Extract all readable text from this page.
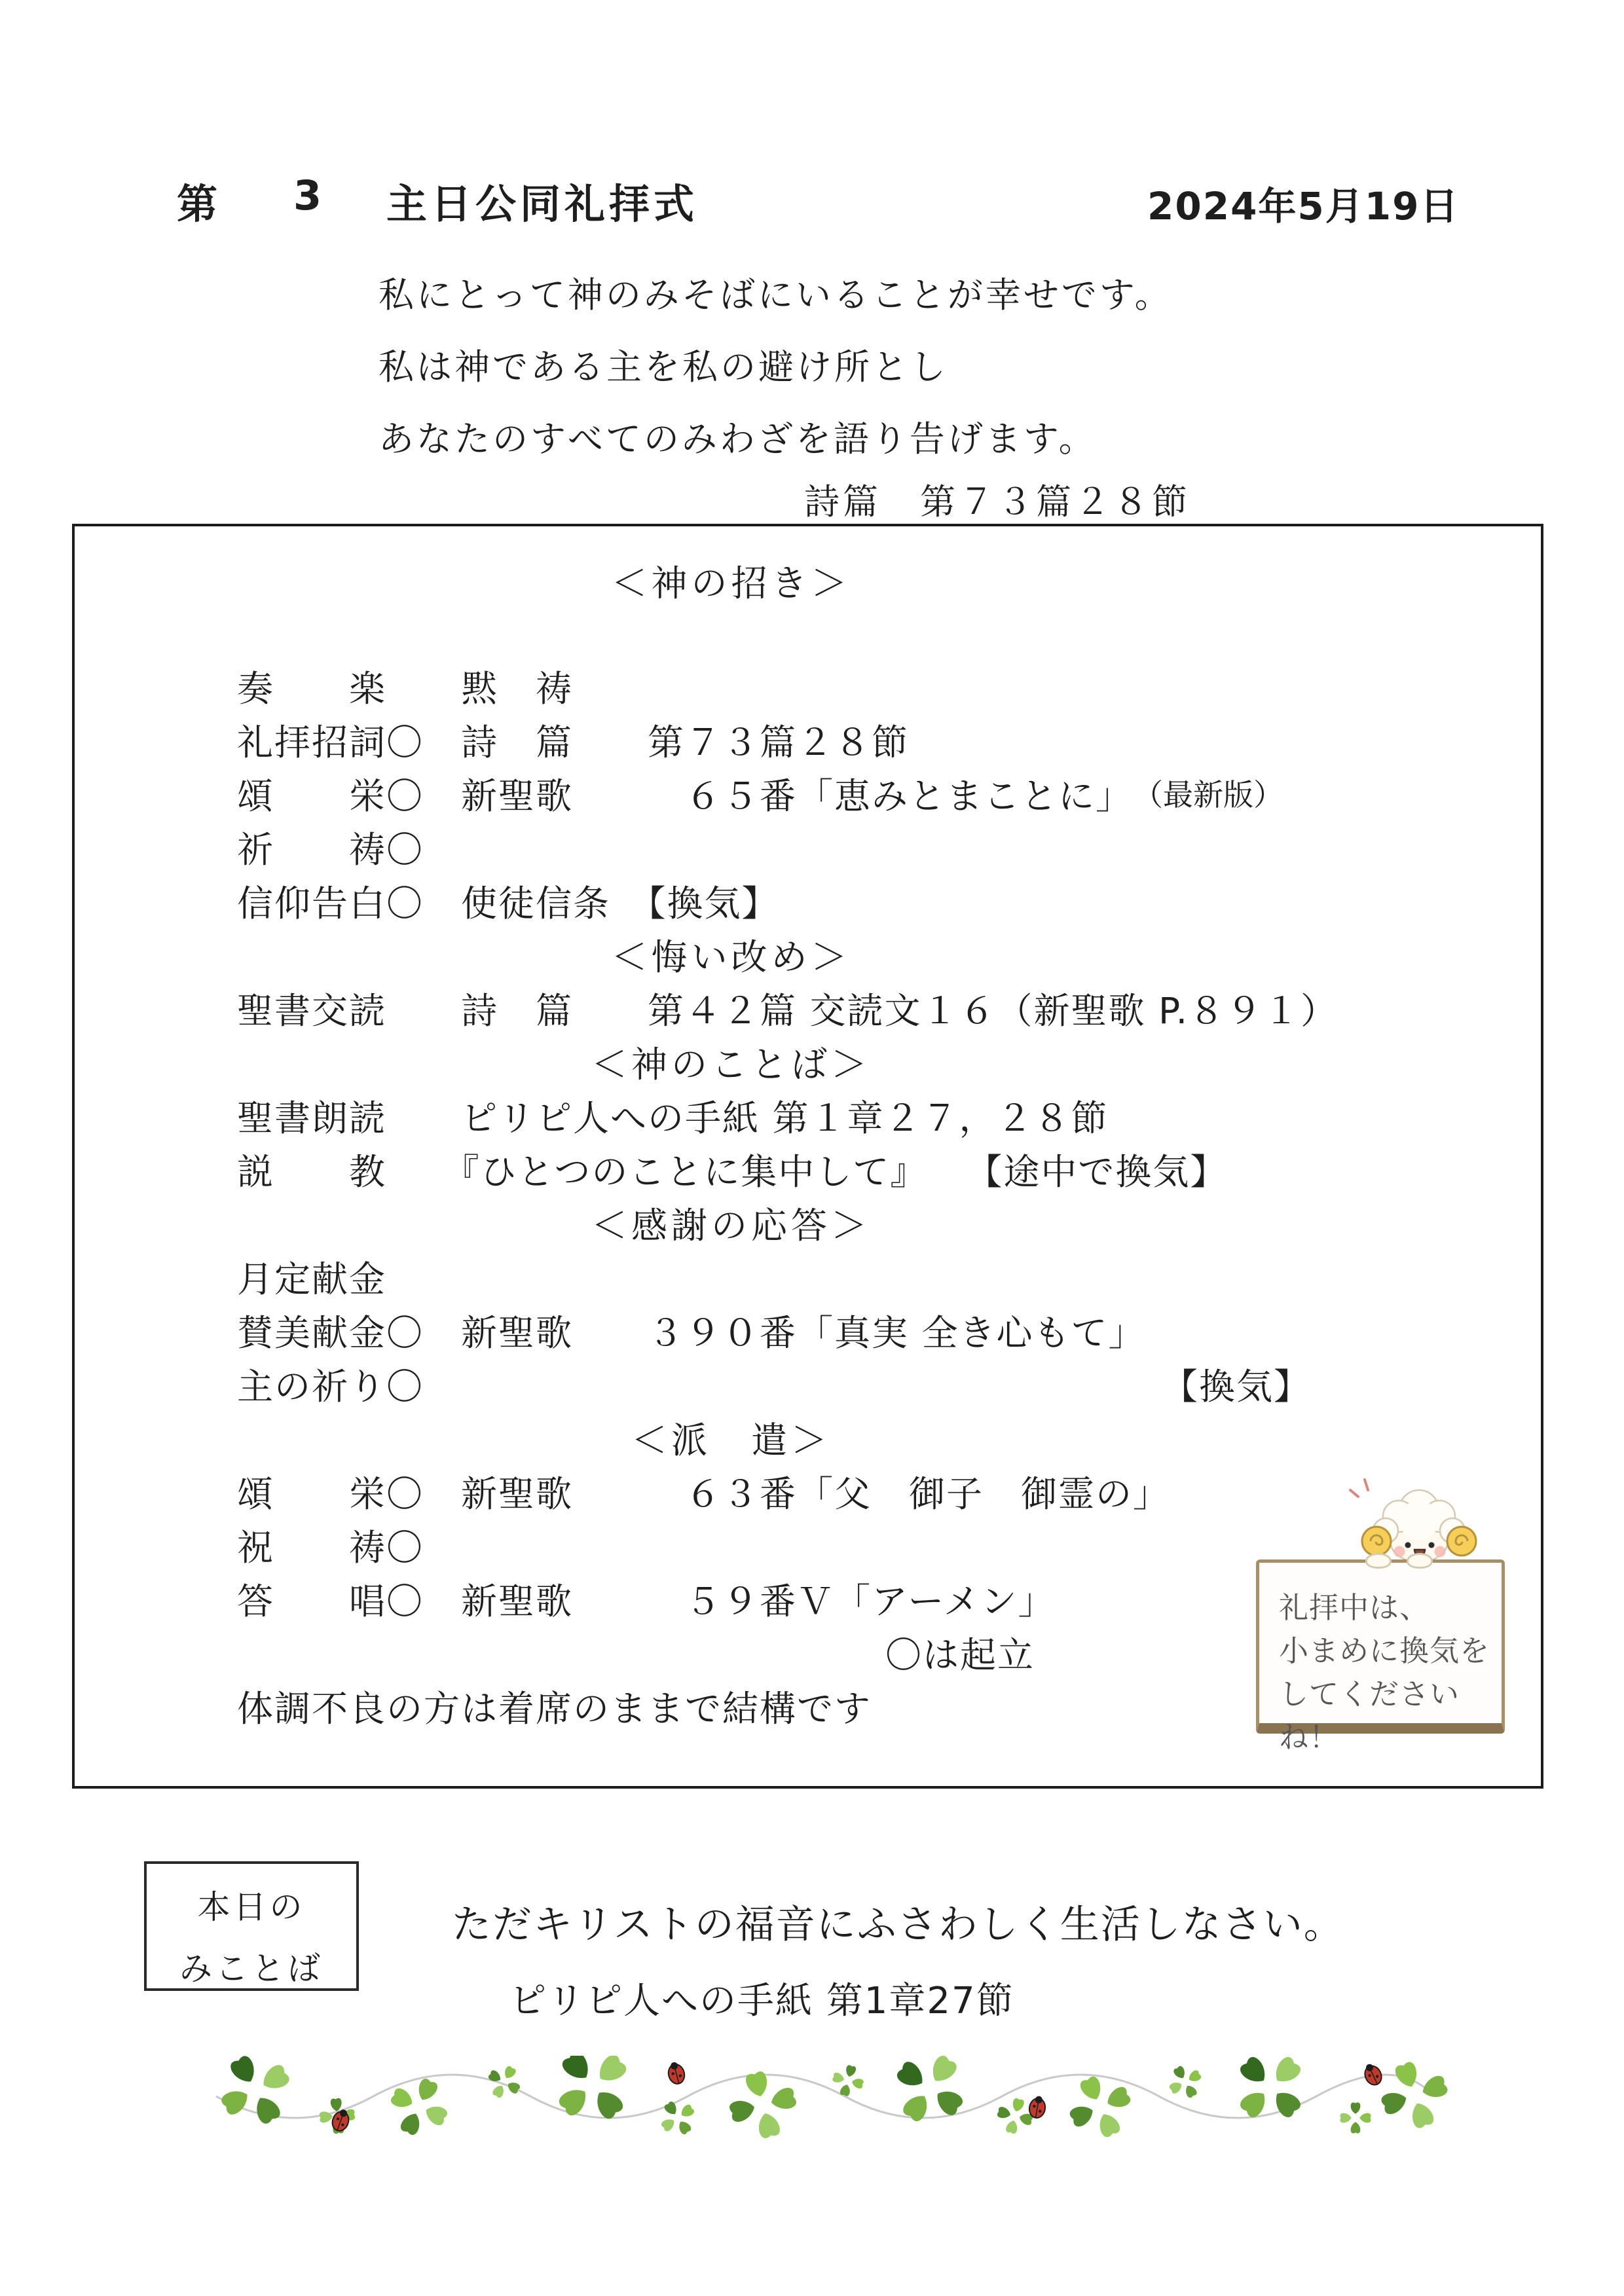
第 3 主日公同礼拝式	2024年5月19日
私にとって神のみそばにいることが幸せです。
私は神である主を私の避け所とし
あなたのすべてのみわざを語り告げます。
詩篇　第７３篇２８節
＜神の招き＞
奏　　楽　　黙　祷
礼拝招詞〇　詩　篇　　第７３篇２８節
頌　　栄〇　新聖歌　　　６５番「恵みとまことに」 （最新版）
祈　　祷〇
信仰告白〇　使徒信条　【換気】
＜悔い改め＞
聖書交読　　詩　篇　　第４２篇 交読文１６（新聖歌 P.８９１）
＜神のことば＞
聖書朗読　　ピリピ人への手紙 第１章２７，２８節
説　　教　　『ひとつのことに集中して』　　【途中で換気】
＜感謝の応答＞
月定献金
賛美献金〇　新聖歌　　３９０番「真実 全き心もて」
主の祈り〇	【換気】
＜派　遣＞
頌　　栄〇　新聖歌　　　６３番「父　御子　御霊の」
祝　　祷〇
答　　唱〇　新聖歌　　　５９番Ｖ「アーメン」
〇は起立
体調不良の方は着席のままで結構です
礼拝中は、
小まめに換気を
してくださいね！
本日の
みことば
ただキリストの福音にふさわしく生活しなさい。
ピリピ人への手紙 第1章27節
